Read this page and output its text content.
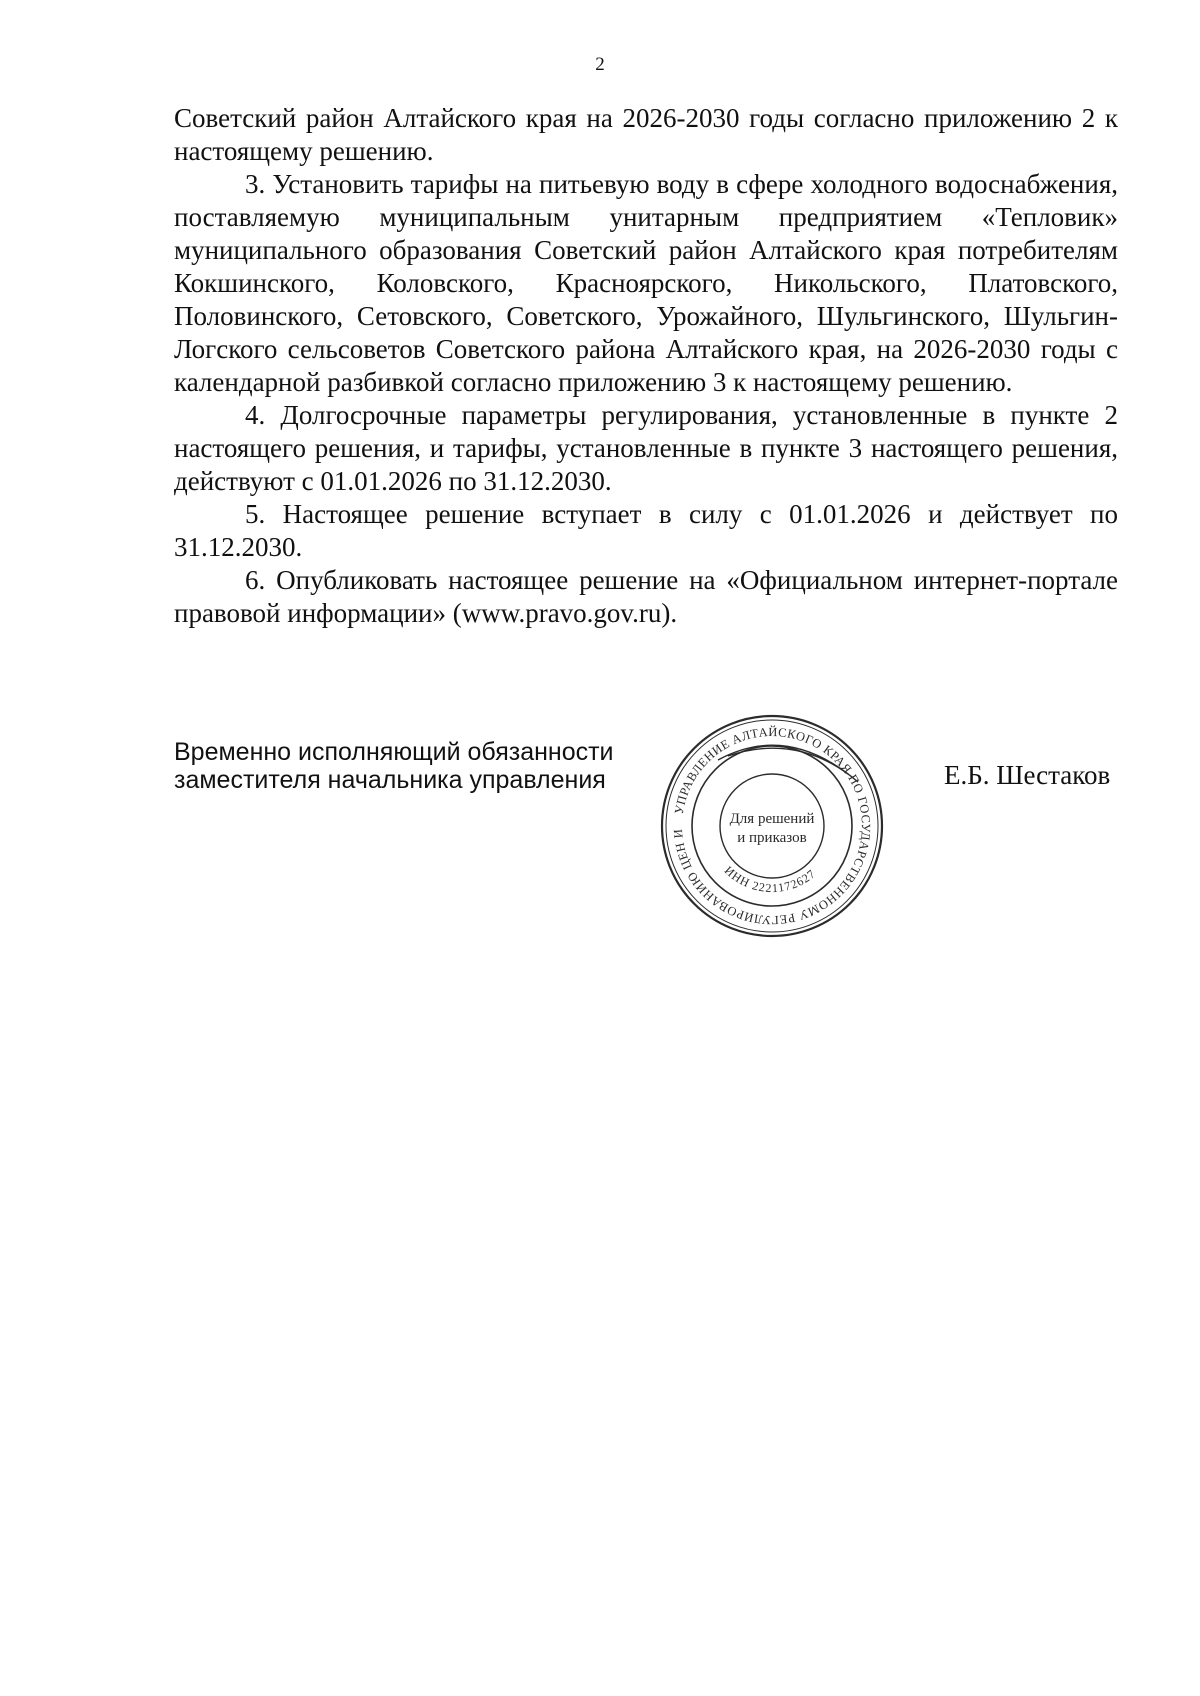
2

Советский район Алтайского края на 2026-2030 годы согласно приложению 2 к настоящему решению.

3. Установить тарифы на питьевую воду в сфере холодного водоснабжения, поставляемую муниципальным унитарным предприятием «Тепловик» муниципального образования Советский район Алтайского края потребителям Кокшинского, Коловского, Красноярского, Никольского, Платовского, Половинского, Сетовского, Советского, Урожайного, Шульгинского, Шульгин-Логского сельсоветов Советского района Алтайского края, на 2026-2030 годы с календарной разбивкой согласно приложению 3 к настоящему решению.

4. Долгосрочные параметры регулирования, установленные в пункте 2 настоящего решения, и тарифы, установленные в пункте 3 настоящего решения, действуют с 01.01.2026 по 31.12.2030.

5. Настоящее решение вступает в силу с 01.01.2026 и действует по 31.12.2030.

6. Опубликовать настоящее решение на «Официальном интернет-портале правовой информации» (www.pravo.gov.ru).

Временно исполняющий обязанности
заместителя начальника управления
УПРАВЛЕНИЕ АЛТАЙСКОГО КРАЯ ПО ГОСУДАРСТВЕННОМУ РЕГУЛИРОВАНИЮ ЦЕН И
ИНН 2221172627
Для решений
и приказов
Е.Б. Шестаков
